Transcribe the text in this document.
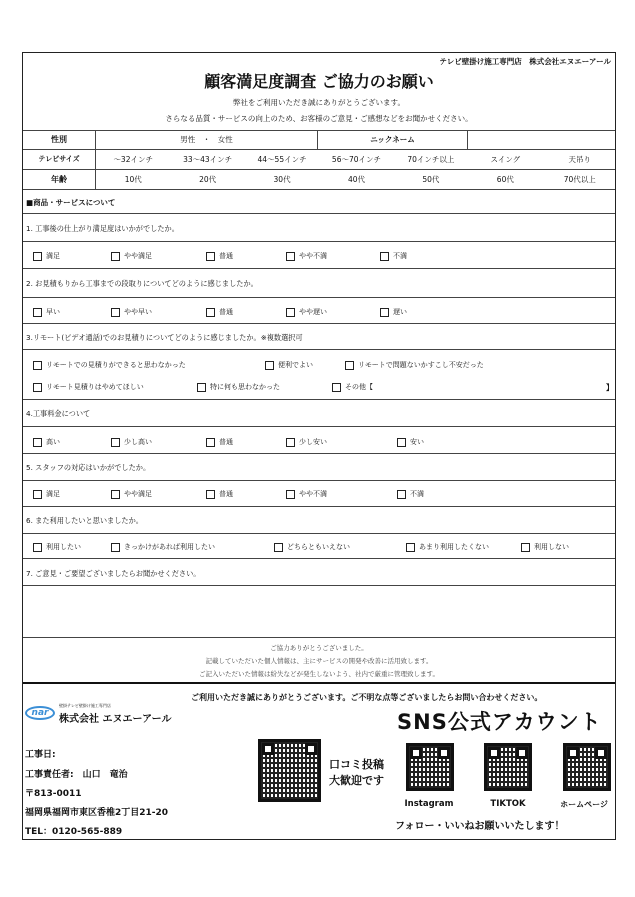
テレビ壁掛け施工専門店　株式会社エヌエーアール
顧客満足度調査 ご協力のお願い
弊社をご利用いただき誠にありがとうございます。
さらなる品質・サービスの向上のため、お客様のご意見・ご感想などをお聞かせください。
性別	男性　・　女性	ニックネーム
テレビサイズ	〜32インチ	33〜43インチ	44〜55インチ	56〜70インチ	70インチ以上	スイング	天吊り
年齢	10代	20代	30代	40代	50代	60代	70代以上
■商品・サービスについて
1. 工事後の仕上がり満足度はいかがでしたか。
満足	やや満足	普通	やや不満	不満
2. お見積もりから工事までの段取りについてどのように感じましたか。
早い	やや早い	普通	やや遅い	遅い
3.リモート(ビデオ通話)でのお見積りについてどのように感じましたか。※複数選択可
リモートでの見積りができると思わなかった	便利でよい	リモートで問題ないかすこし不安だった
リモート見積りはやめてほしい	特に何も思わなかった	その他【	】
4.工事料金について
高い	少し高い	普通	少し安い	安い
5. スタッフの対応はいかがでしたか。
満足	やや満足	普通	やや不満	不満
6. また利用したいと思いましたか。
利用したい	きっかけがあれば利用したい	どちらともいえない	あまり利用したくない	利用しない
7. ご意見・ご要望ございましたらお聞かせください。
ご協力ありがとうございました。
記載していただいた個人情報は、主にサービスの開発や改善に活用致します。
ご記入いただいた情報は紛失などが発生しないよう、社内で厳重に管理致します。
ご利用いただき誠にありがとうございます。ご不明な点等ございましたらお問い合わせください。
nar
壁掛テレビ壁掛け施工専門店
株式会社 エヌエーアール
工事日:
工事責任者:　山口　竜治
〒813-0011
福岡県福岡市東区香椎2丁目21-20
TEL：0120-565-889
口コミ投稿
大歓迎です
SNS公式アカウント
Instagram	TIKTOK	ホームページ
フォロー・いいねお願いいたします！
